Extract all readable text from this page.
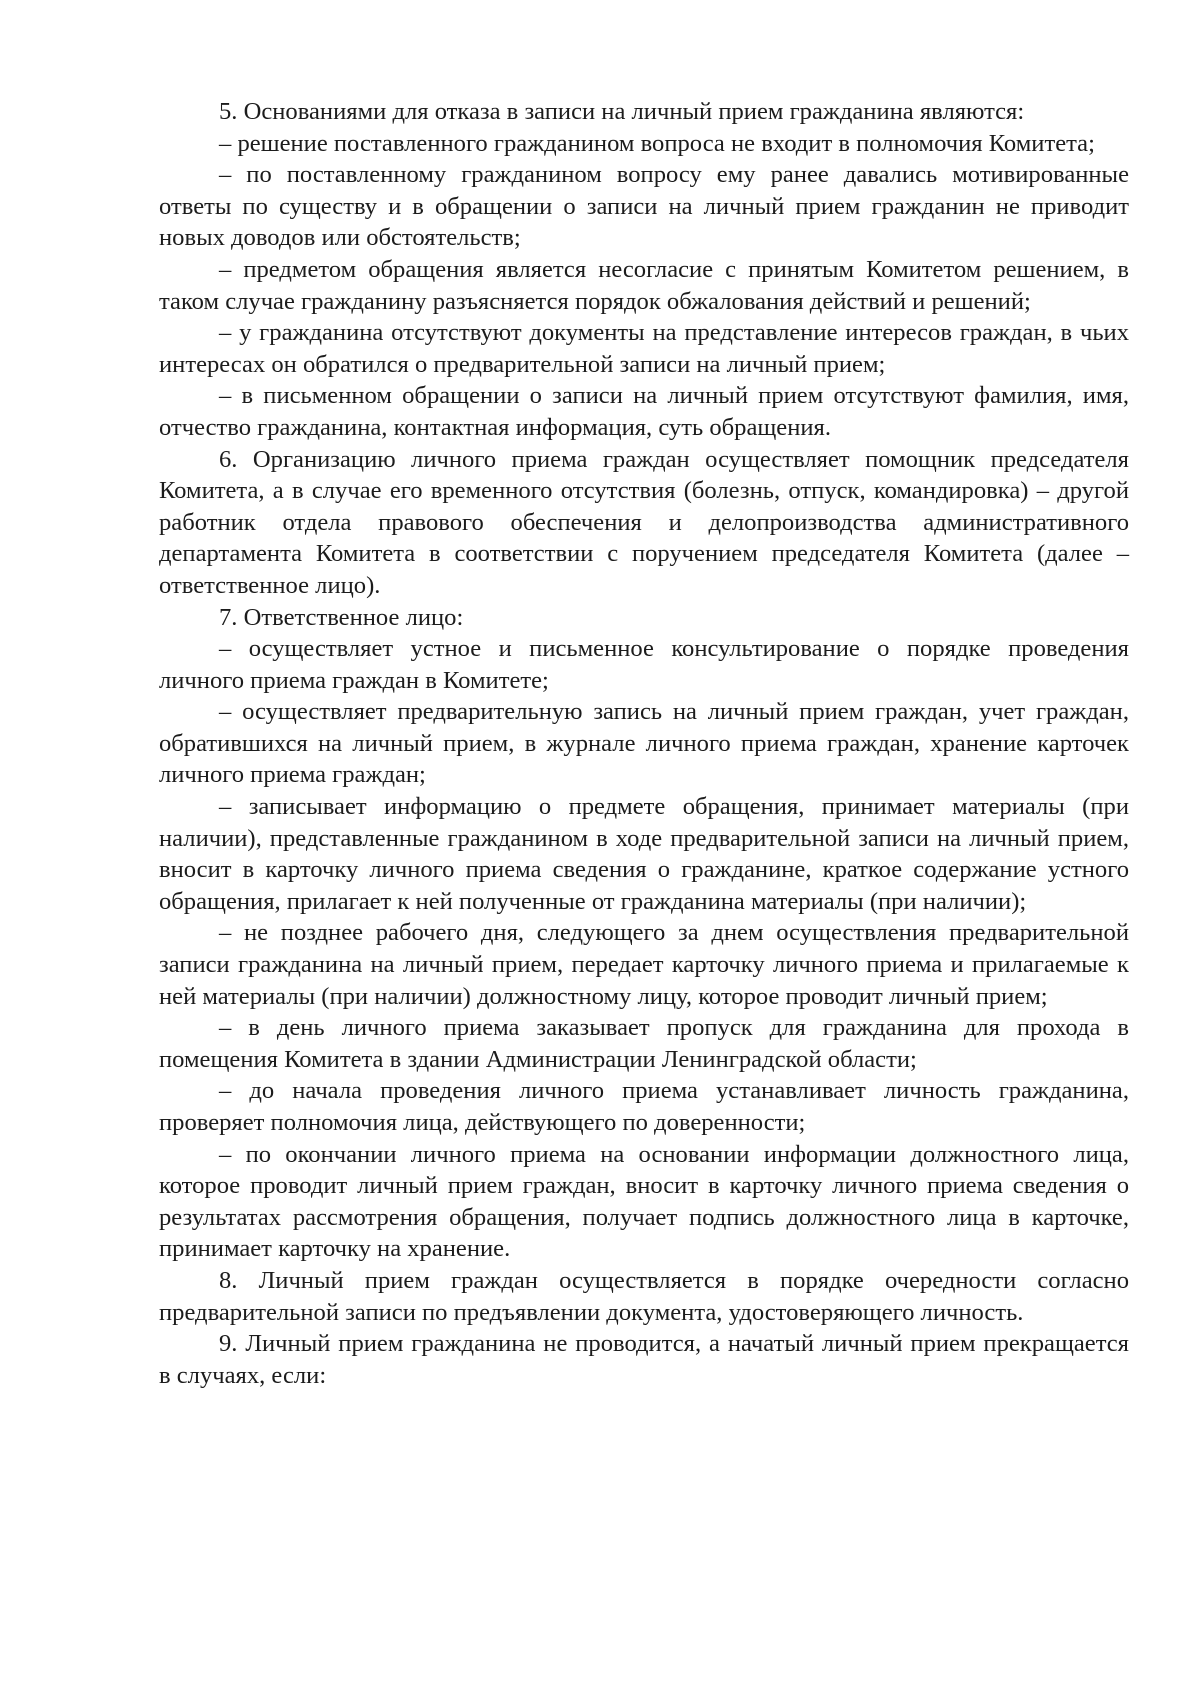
5. Основаниями для отказа в записи на личный прием гражданина являются:

– решение поставленного гражданином вопроса не входит в полномочия Комитета;

– по поставленному гражданином вопросу ему ранее давались мотивированные ответы по существу и в обращении о записи на личный прием гражданин не приводит новых доводов или обстоятельств;

– предметом обращения является несогласие с принятым Комитетом решением, в таком случае гражданину разъясняется порядок обжалования действий и решений;

– у гражданина отсутствуют документы на представление интересов граждан, в чьих интересах он обратился о предварительной записи на личный прием;

– в письменном обращении о записи на личный прием отсутствуют фамилия, имя, отчество гражданина, контактная информация, суть обращения.

6. Организацию личного приема граждан осуществляет помощник председателя Комитета, а в случае его временного отсутствия (болезнь, отпуск, командировка) – другой работник отдела правового обеспечения и делопроизводства административного департамента Комитета в соответствии с поручением председателя Комитета (далее – ответственное лицо).

7. Ответственное лицо:

– осуществляет устное и письменное консультирование о порядке проведения личного приема граждан в Комитете;

– осуществляет предварительную запись на личный прием граждан, учет граждан, обратившихся на личный прием, в журнале личного приема граждан, хранение карточек личного приема граждан;

– записывает информацию о предмете обращения, принимает материалы (при наличии), представленные гражданином в ходе предварительной записи на личный прием, вносит в карточку личного приема сведения о гражданине, краткое содержание устного обращения, прилагает к ней полученные от гражданина материалы (при наличии);

– не позднее рабочего дня, следующего за днем осуществления предварительной записи гражданина на личный прием, передает карточку личного приема и прилагаемые к ней материалы (при наличии) должностному лицу, которое проводит личный прием;

– в день личного приема заказывает пропуск для гражданина для прохода в помещения Комитета в здании Администрации Ленинградской области;

– до начала проведения личного приема устанавливает личность гражданина, проверяет полномочия лица, действующего по доверенности;

– по окончании личного приема на основании информации должностного лица, которое проводит личный прием граждан, вносит в карточку личного приема сведения о результатах рассмотрения обращения, получает подпись должностного лица в карточке, принимает карточку на хранение.

8. Личный прием граждан осуществляется в порядке очередности согласно предварительной записи по предъявлении документа, удостоверяющего личность.

9. Личный прием гражданина не проводится, а начатый личный прием прекращается в случаях, если:
